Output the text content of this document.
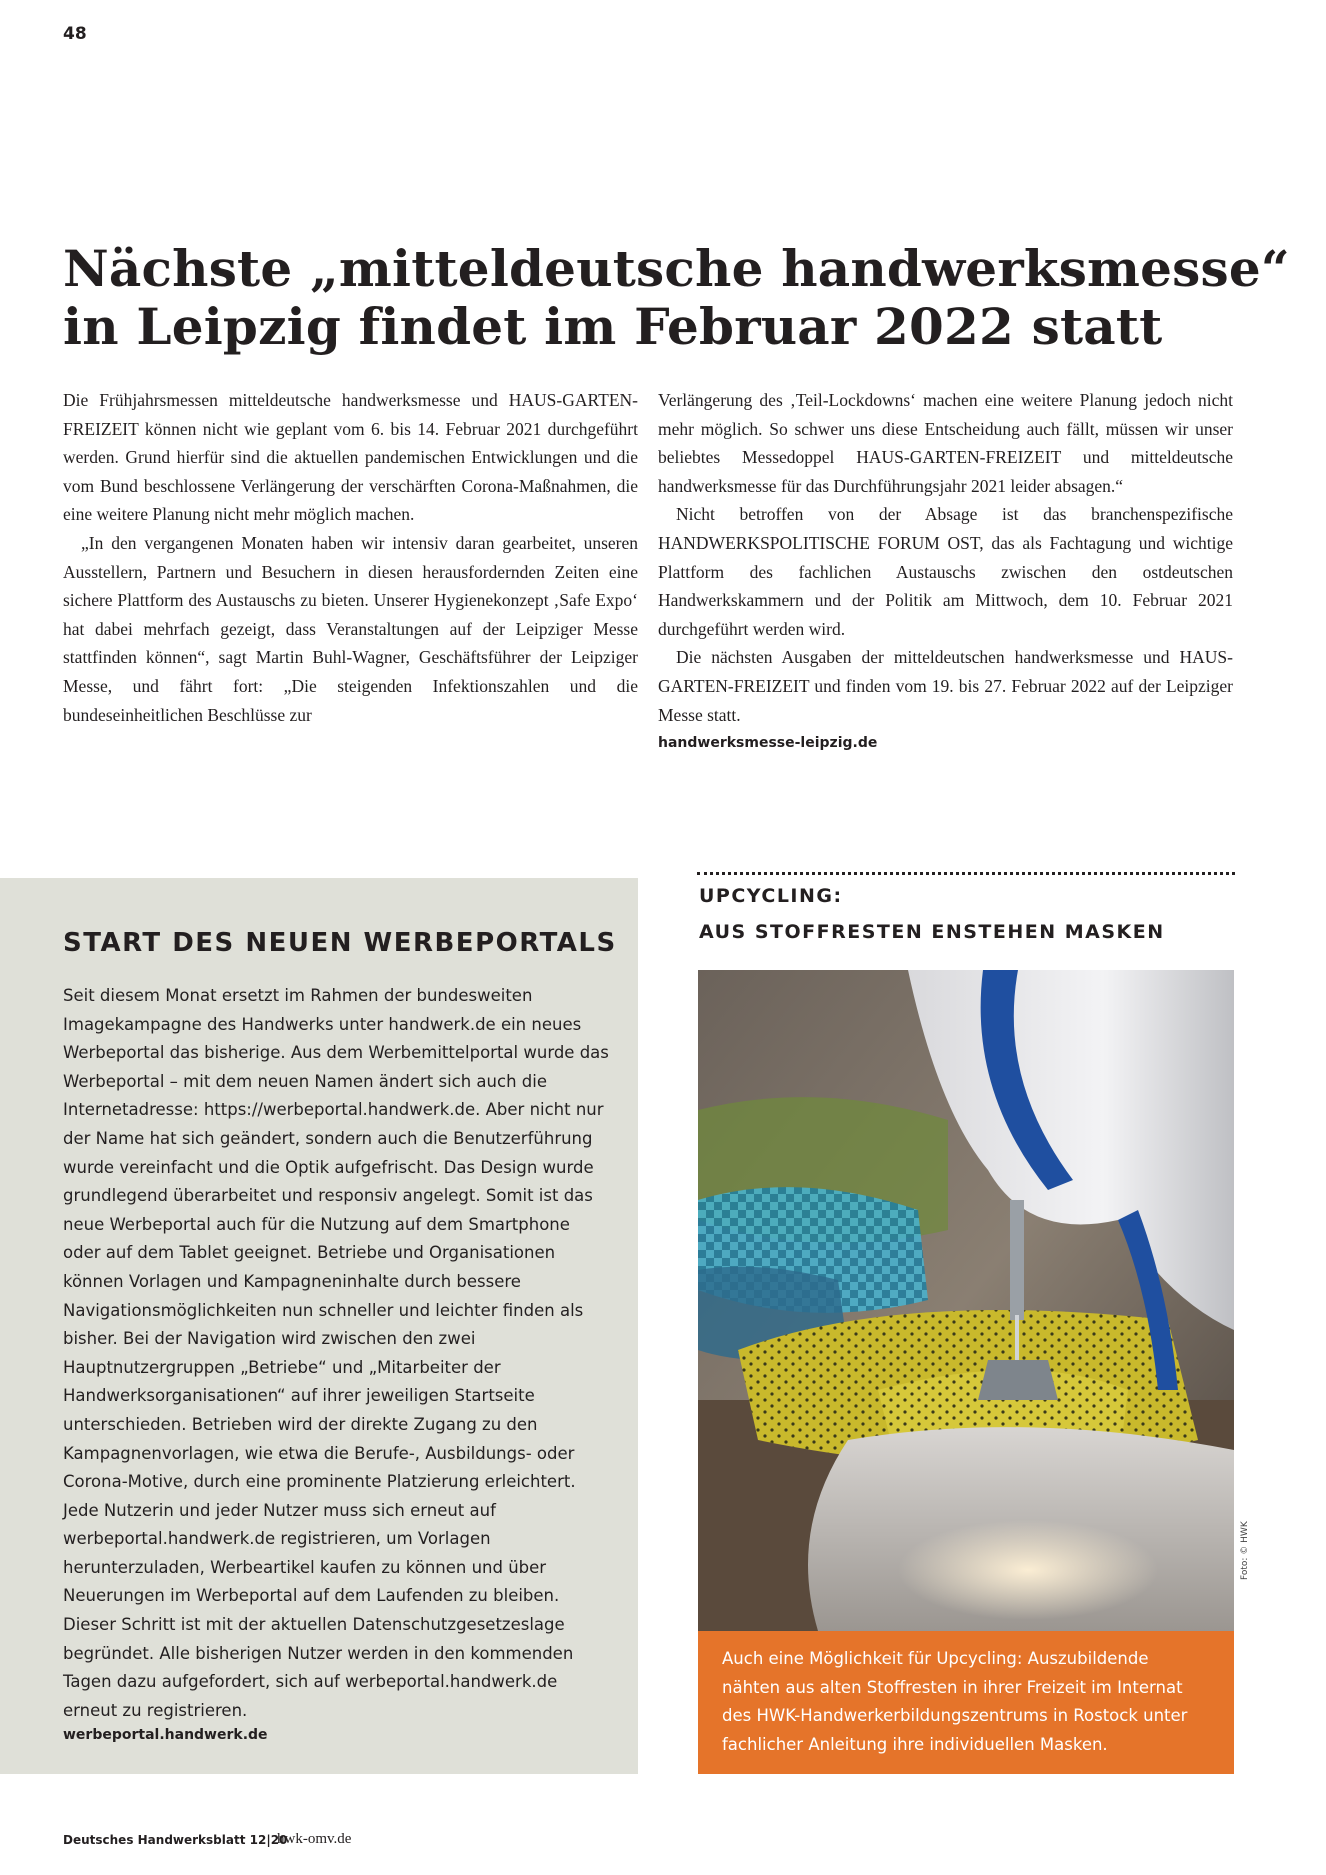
48
Nächste „mitteldeutsche handwerksmesse“
in Leipzig findet im Februar 2022 statt

Die Frühjahrsmessen mitteldeutsche handwerksmesse und HAUS-GARTEN-FREIZEIT können nicht wie geplant vom 6. bis 14. Februar 2021 durchgeführt werden. Grund hierfür sind die aktuellen pandemischen Entwicklungen und die vom Bund beschlossene Verlängerung der verschärften Corona-Maßnahmen, die eine weitere Planung nicht mehr möglich machen.

„In den vergangenen Monaten haben wir intensiv daran gearbeitet, unseren Ausstellern, Partnern und Besuchern in diesen herausfordernden Zeiten eine sichere Plattform des Austauschs zu bieten. Unserer Hygienekonzept ‚Safe Expo‘ hat dabei mehrfach gezeigt, dass Veranstaltungen auf der Leipziger Messe stattfinden können“, sagt Martin Buhl-Wagner, Geschäftsführer der Leipziger Messe, und fährt fort: „Die steigenden Infektionszahlen und die bundeseinheitlichen Beschlüsse zur

Verlängerung des ‚Teil-Lockdowns‘ machen eine weitere Planung jedoch nicht mehr möglich. So schwer uns diese Entscheidung auch fällt, müssen wir unser beliebtes Messedoppel HAUS-GARTEN-FREIZEIT und mitteldeutsche handwerksmesse für das Durchführungsjahr 2021 leider absagen.“

Nicht betroffen von der Absage ist das branchenspezifische HANDWERKSPOLITISCHE FORUM OST, das als Fachtagung und wichtige Plattform des fachlichen Austauschs zwischen den ostdeutschen Handwerkskammern und der Politik am Mittwoch, dem 10. Februar 2021 durchgeführt werden wird.

Die nächsten Ausgaben der mitteldeutschen handwerksmesse und HAUS-GARTEN-FREIZEIT und finden vom 19. bis 27. Februar 2022 auf der Leipziger Messe statt.

handwerksmesse-leipzig.de
START DES NEUEN WERBEPORTALS

Seit diesem Monat ersetzt im Rahmen der bundesweiten Imagekampagne des Handwerks unter handwerk.de ein neues Werbeportal das bisherige. Aus dem Werbemittelportal wurde das Werbeportal – mit dem neuen Namen ändert sich auch die Internetadresse: https://werbeportal.handwerk.de. Aber nicht nur der Name hat sich geändert, sondern auch die Benutzerführung wurde vereinfacht und die Optik aufgefrischt. Das Design wurde grundlegend überarbeitet und responsiv angelegt. Somit ist das neue Werbeportal auch für die Nutzung auf dem Smartphone oder auf dem Tablet geeignet. Betriebe und Organisationen können Vorlagen und Kampagneninhalte durch bessere Navigationsmöglichkeiten nun schneller und leichter finden als bisher. Bei der Navigation wird zwischen den zwei Hauptnutzergruppen „Betriebe“ und „Mitarbeiter der Handwerksorganisationen“ auf ihrer jeweiligen Startseite unterschieden. Betrieben wird der direkte Zugang zu den Kampagnenvorlagen, wie etwa die Berufe-, Ausbildungs- oder Corona-Motive, durch eine prominente Platzierung erleichtert. Jede Nutzerin und jeder Nutzer muss sich erneut auf werbeportal.handwerk.de registrieren, um Vorlagen herunterzuladen, Werbeartikel kaufen zu können und über Neuerungen im Werbeportal auf dem Laufenden zu bleiben. Dieser Schritt ist mit der aktuellen Datenschutzgesetzeslage begründet. Alle bisherigen Nutzer werden in den kommenden Tagen dazu aufgefordert, sich auf werbeportal.handwerk.de erneut zu registrieren.

werbeportal.handwerk.de
UPCYCLING:
AUS STOFFRESTEN ENSTEHEN MASKEN
Foto: © HWK
Auch eine Möglichkeit für Upcycling: Auszubildende nähten aus alten Stoffresten in ihrer Freizeit im Internat des HWK-Handwerkerbildungszentrums in Rostock unter fachlicher Anleitung ihre individuellen Masken.
Deutsches Handwerksblatt 12|20
hwk-omv.de
